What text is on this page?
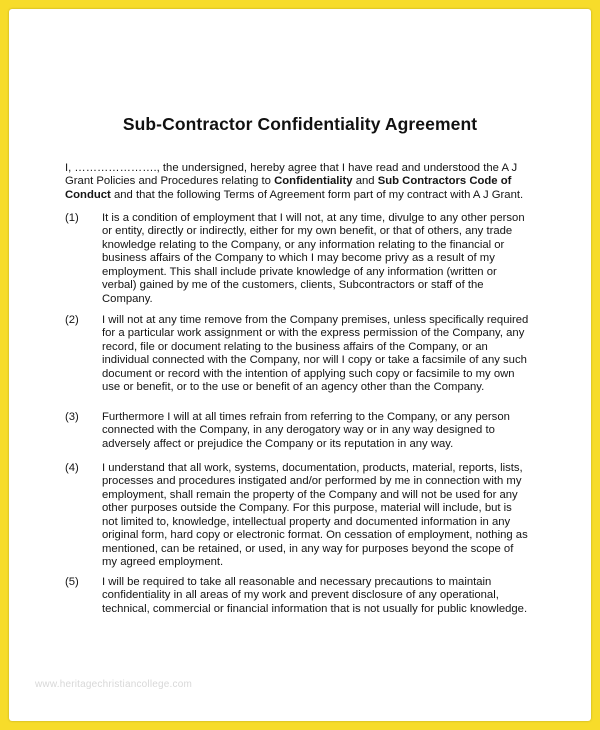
Sub-Contractor Confidentiality Agreement
I, …………………., the undersigned, hereby agree that I have read and understood the A J
Grant Policies and Procedures relating to Confidentiality and Sub Contractors Code of
Conduct and that the following Terms of Agreement form part of my contract with A J Grant.
(1) It is a condition of employment that I will not, at any time, divulge to any other person
or entity, directly or indirectly, either for my own benefit, or that of others, any trade
knowledge relating to the Company, or any information relating to the financial or
business affairs of the Company to which I may become privy as a result of my
employment. This shall include private knowledge of any information (written or
verbal) gained by me of the customers, clients, Subcontractors or staff of the
Company.
(2) I will not at any time remove from the Company premises, unless specifically required
for a particular work assignment or with the express permission of the Company, any
record, file or document relating to the business affairs of the Company, or an
individual connected with the Company, nor will I copy or take a facsimile of any such
document or record with the intention of applying such copy or facsimile to my own
use or benefit, or to the use or benefit of an agency other than the Company.
(3) Furthermore I will at all times refrain from referring to the Company, or any person
connected with the Company, in any derogatory way or in any way designed to
adversely affect or prejudice the Company or its reputation in any way.
(4) I understand that all work, systems, documentation, products, material, reports, lists,
processes and procedures instigated and/or performed by me in connection with my
employment, shall remain the property of the Company and will not be used for any
other purposes outside the Company. For this purpose, material will include, but is
not limited to, knowledge, intellectual property and documented information in any
original form, hard copy or electronic format. On cessation of employment, nothing as
mentioned, can be retained, or used, in any way for purposes beyond the scope of
my agreed employment.
(5) I will be required to take all reasonable and necessary precautions to maintain
confidentiality in all areas of my work and prevent disclosure of any operational,
technical, commercial or financial information that is not usually for public knowledge.
www.heritagechristiancollege.com
